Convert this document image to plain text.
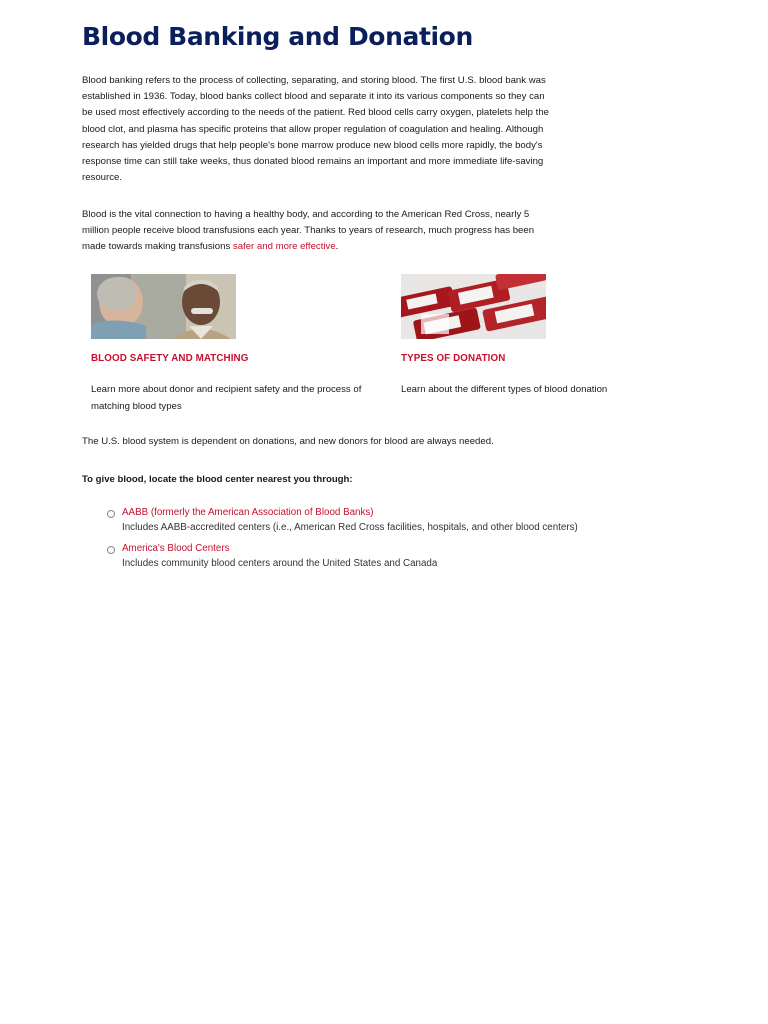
Blood Banking and Donation

Blood banking refers to the process of collecting, separating, and storing blood. The first U.S. blood bank was established in 1936. Today, blood banks collect blood and separate it into its various components so they can be used most effectively according to the needs of the patient. Red blood cells carry oxygen, platelets help the blood clot, and plasma has specific proteins that allow proper regulation of coagulation and healing. Although research has yielded drugs that help people's bone marrow produce new blood cells more rapidly, the body's response time can still take weeks, thus donated blood remains an important and more immediate life-saving resource.

Blood is the vital connection to having a healthy body, and according to the American Red Cross, nearly 5 million people receive blood transfusions each year. Thanks to years of research, much progress has been made towards making transfusions safer and more effective.

BLOOD SAFETY AND MATCHING
Learn more about donor and recipient safety and the process of matching blood types
TYPES OF DONATION
Learn about the different types of blood donation

The U.S. blood system is dependent on donations, and new donors for blood are always needed.

To give blood, locate the blood center nearest you through:

AABB (formerly the American Association of Blood Banks)
Includes AABB-accredited centers (i.e., American Red Cross facilities, hospitals, and other blood centers)
America's Blood Centers
Includes community blood centers around the United States and Canada
